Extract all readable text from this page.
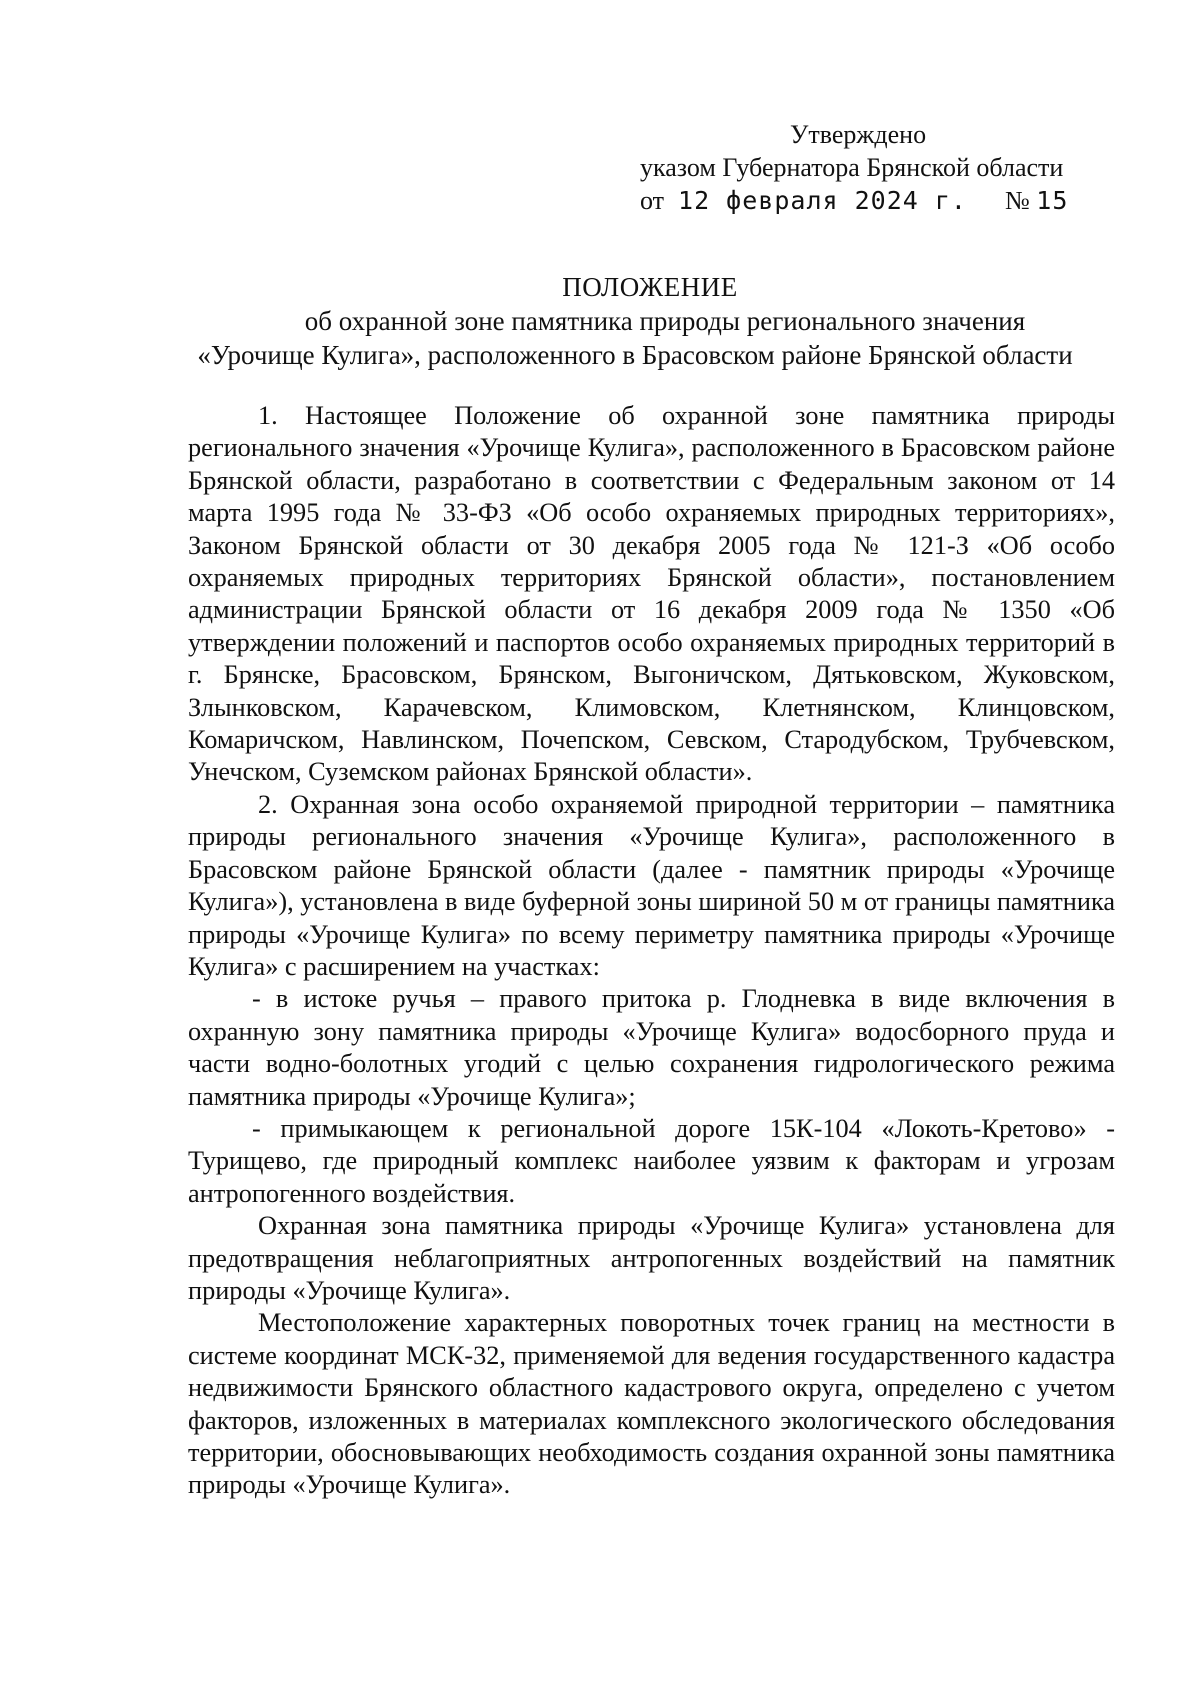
Утверждено
указом Губернатора Брянской области
от 12 февраля 2024 г. № 15
ПОЛОЖЕНИЕ
об охранной зоне памятника природы регионального значения
«Урочище Кулига», расположенного в Брасовском районе Брянской области

1. Настоящее Положение об охранной зоне памятника природы регионального значения «Урочище Кулига», расположенного в Брасовском районе Брянской области, разработано в соответствии с Федеральным законом от 14 марта 1995 года № 33-ФЗ «Об особо охраняемых природных территориях», Законом Брянской области от 30 декабря 2005 года № 121-З «Об особо охраняемых природных территориях Брянской области», постановлением администрации Брянской области от 16 декабря 2009 года № 1350 «Об утверждении положений и паспортов особо охраняемых природных территорий в г. Брянске, Брасовском, Брянском, Выгоничском, Дятьковском, Жуковском, Злынковском, Карачевском, Климовском, Клетнянском, Клинцовском, Комаричском, Навлинском, Почепском, Севском, Стародубском, Трубчевском, Унечском, Суземском районах Брянской области».

2. Охранная зона особо охраняемой природной территории – памятника природы регионального значения «Урочище Кулига», расположенного в Брасовском районе Брянской области (далее - памятник природы «Урочище Кулига»), установлена в виде буферной зоны шириной 50 м от границы памятника природы «Урочище Кулига» по всему периметру памятника природы «Урочище Кулига» с расширением на участках:

- в истоке ручья – правого притока р. Глодневка в виде включения в охранную зону памятника природы «Урочище Кулига» водосборного пруда и части водно-болотных угодий с целью сохранения гидрологического режима памятника природы «Урочище Кулига»;

- примыкающем к региональной дороге 15К-104 «Локоть-Кретово» - Турищево, где природный комплекс наиболее уязвим к факторам и угрозам антропогенного воздействия.

Охранная зона памятника природы «Урочище Кулига» установлена для предотвращения неблагоприятных антропогенных воздействий на памятник природы «Урочище Кулига».

Местоположение характерных поворотных точек границ на местности в системе координат МСК-32, применяемой для ведения государственного кадастра недвижимости Брянского областного кадастрового округа, определено с учетом факторов, изложенных в материалах комплексного экологического обследования территории, обосновывающих необходимость создания охранной зоны памятника природы «Урочище Кулига».
